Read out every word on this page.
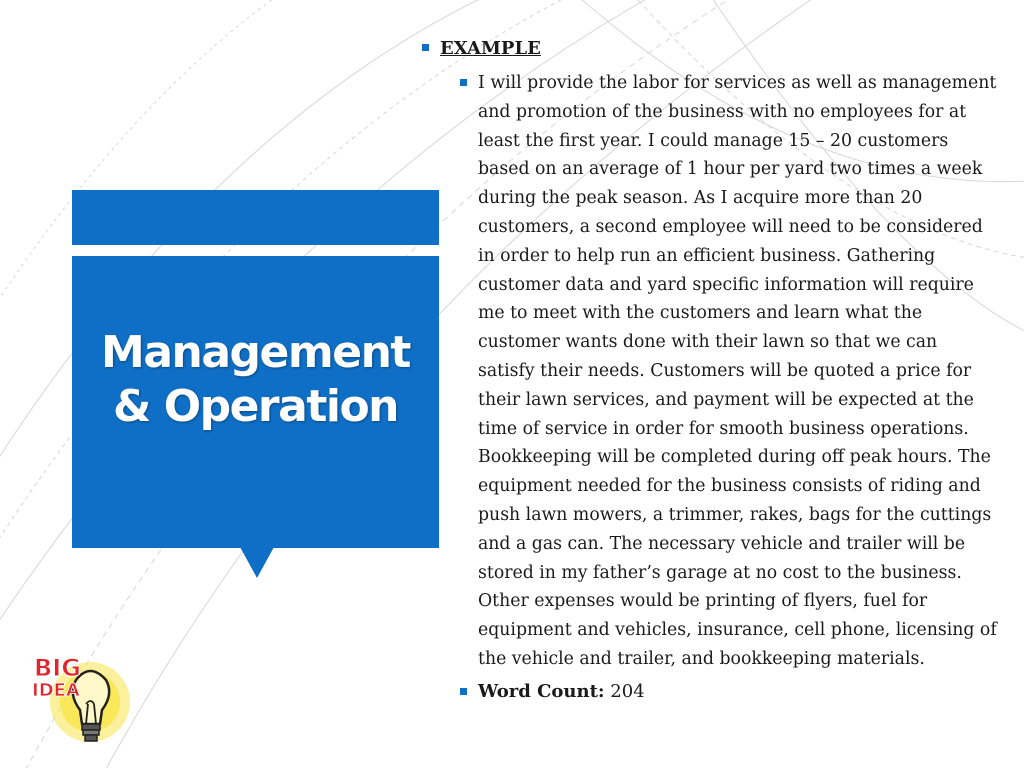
Management
& Operation
EXAMPLE
I will provide the labor for services as well as management and promotion of the business with no employees for at least the first year. I could manage 15 – 20 customers based on an average of 1 hour per yard two times a week during the peak season. As I acquire more than 20 customers, a second employee will need to be considered in order to help run an efficient business. Gathering customer data and yard specific information will require me to meet with the customers and learn what the customer wants done with their lawn so that we can satisfy their needs. Customers will be quoted a price for their lawn services, and payment will be expected at the time of service in order for smooth business operations. Bookkeeping will be completed during off peak hours. The equipment needed for the business consists of riding and push lawn mowers, a trimmer, rakes, bags for the cuttings and a gas can. The necessary vehicle and trailer will be stored in my father’s garage at no cost to the business. Other expenses would be printing of flyers, fuel for equipment and vehicles, insurance, cell phone, licensing of the vehicle and trailer, and bookkeeping materials.
Word Count: 204
BIG
IDEA
